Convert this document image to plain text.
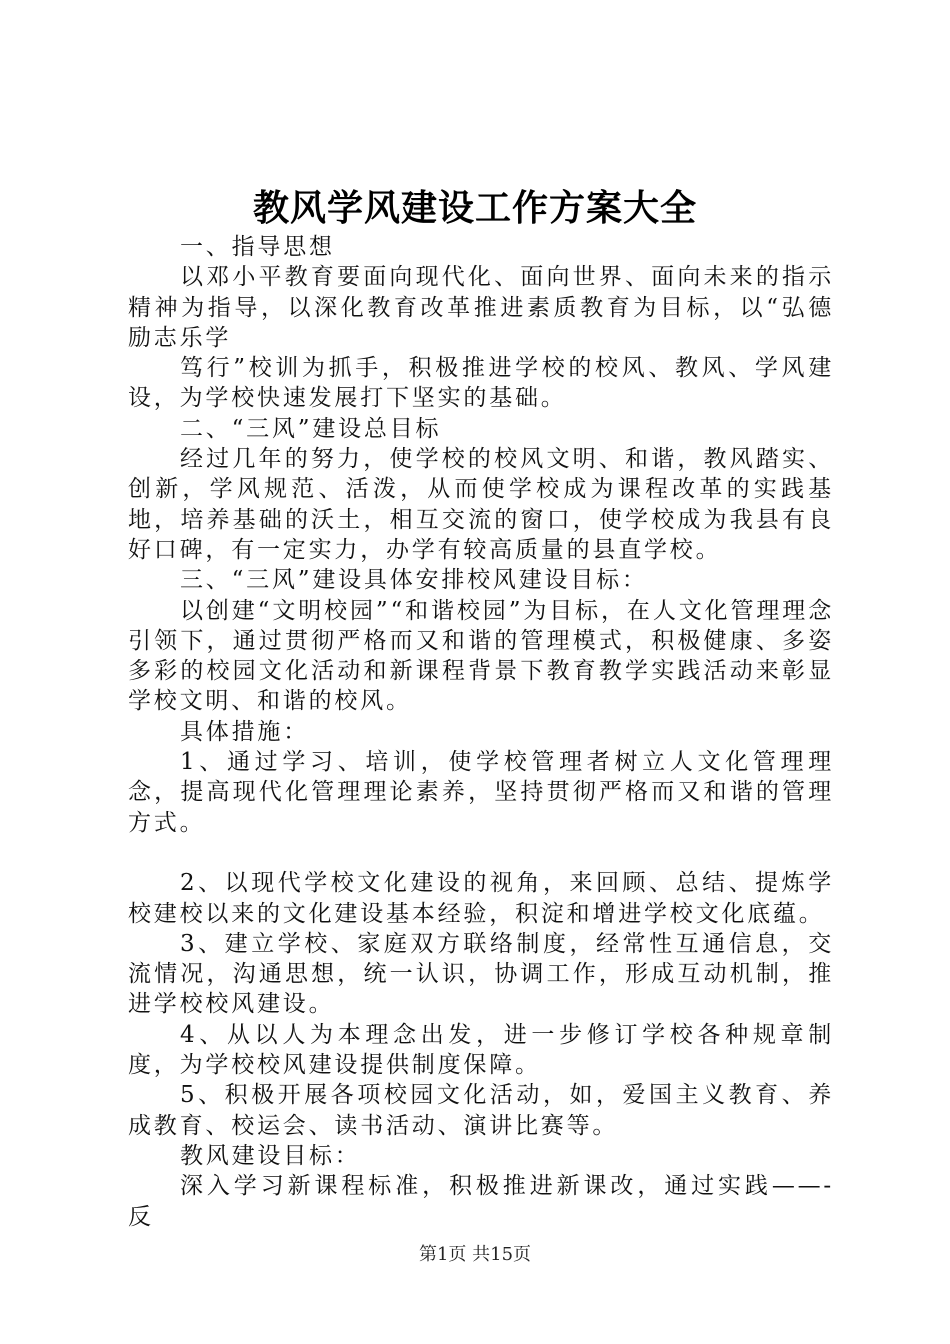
教风学风建设工作方案大全

一、指导思想

以邓小平教育要面向现代化、面向世界、面向未来的指示精神为指导，以深化教育改革推进素质教育为目标，以“弘德励志乐学

笃行”校训为抓手，积极推进学校的校风、教风、学风建设，为学校快速发展打下坚实的基础。

二、“三风”建设总目标

经过几年的努力，使学校的校风文明、和谐，教风踏实、创新，学风规范、活泼，从而使学校成为课程改革的实践基地，培养基础的沃土，相互交流的窗口，使学校成为我县有良好口碑，有一定实力，办学有较高质量的县直学校。

三、“三风”建设具体安排校风建设目标：

以创建“文明校园”“和谐校园”为目标，在人文化管理理念引领下，通过贯彻严格而又和谐的管理模式，积极健康、多姿多彩的校园文化活动和新课程背景下教育教学实践活动来彰显学校文明、和谐的校风。

具体措施：

1、通过学习、培训，使学校管理者树立人文化管理理念，提高现代化管理理论素养，坚持贯彻严格而又和谐的管理方式。

2、以现代学校文化建设的视角，来回顾、总结、提炼学校建校以来的文化建设基本经验，积淀和增进学校文化底蕴。

3、建立学校、家庭双方联络制度，经常性互通信息，交流情况，沟通思想，统一认识，协调工作，形成互动机制，推进学校校风建设。

4、从以人为本理念出发，进一步修订学校各种规章制度，为学校校风建设提供制度保障。

5、积极开展各项校园文化活动，如，爱国主义教育、养成教育、校运会、读书活动、演讲比赛等。

教风建设目标：

深入学习新课程标准，积极推进新课改，通过实践——-反

第1页 共15页
